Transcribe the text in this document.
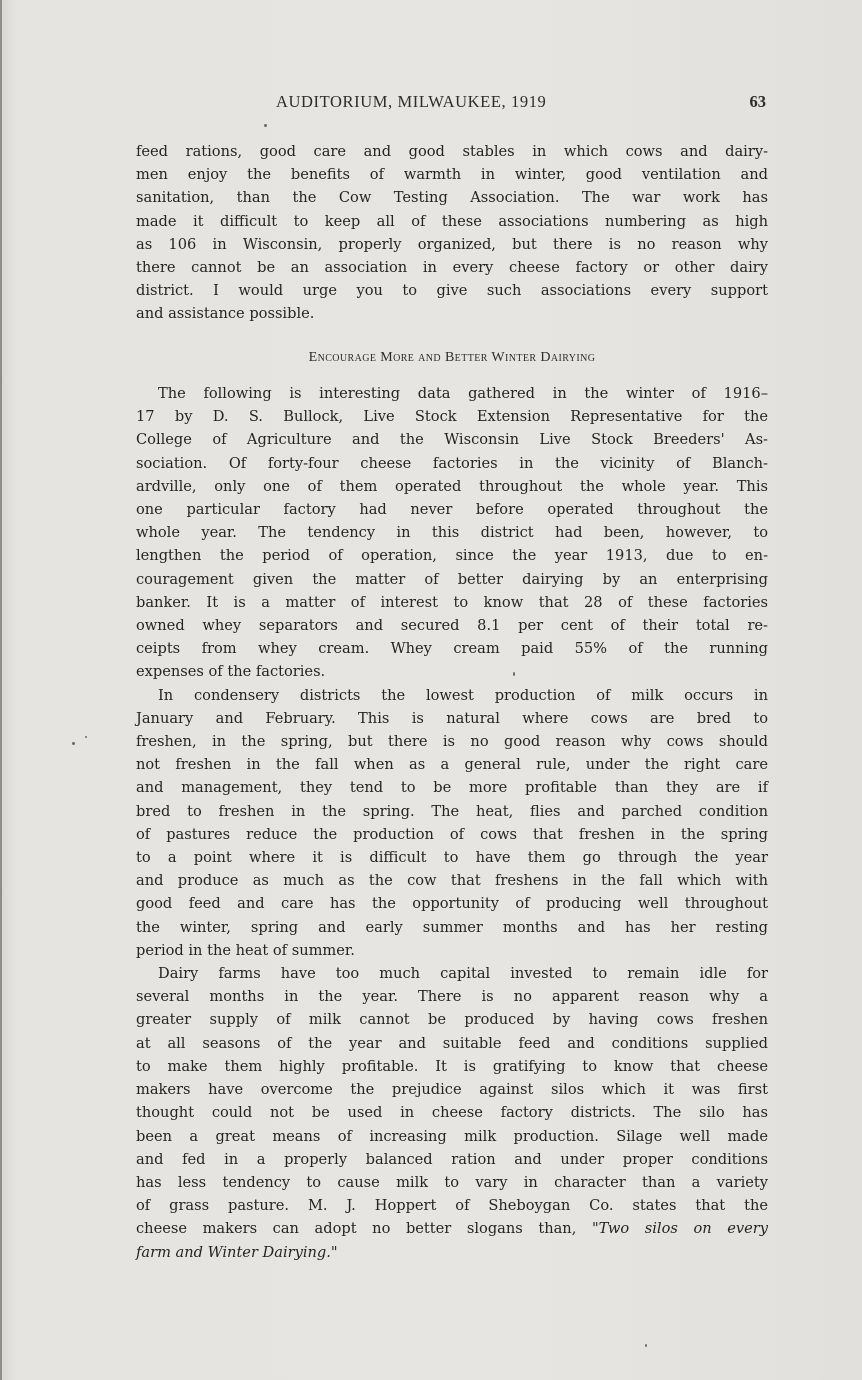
AUDITORIUM, MILWAUKEE, 1919	63
feed rations, good care and good stables in which cows and dairy-
men enjoy the benefits of warmth in winter, good ventilation and
sanitation, than the Cow Testing Association. The war work has
made it difficult to keep all of these associations numbering as high
as 106 in Wisconsin, properly organized, but there is no reason why
there cannot be an association in every cheese factory or other dairy
district. I would urge you to give such associations every support
and assistance possible.
Encourage More and Better Winter Dairying
The following is interesting data gathered in the winter of 1916–
17 by D. S. Bullock, Live Stock Extension Representative for the
College of Agriculture and the Wisconsin Live Stock Breeders' As-
sociation. Of forty-four cheese factories in the vicinity of Blanch-
ardville, only one of them operated throughout the whole year. This
one particular factory had never before operated throughout the
whole year. The tendency in this district had been, however, to
lengthen the period of operation, since the year 1913, due to en-
couragement given the matter of better dairying by an enterprising
banker. It is a matter of interest to know that 28 of these factories
owned whey separators and secured 8.1 per cent of their total re-
ceipts from whey cream. Whey cream paid 55% of the running
expenses of the factories.
In condensery districts the lowest production of milk occurs in
January and February. This is natural where cows are bred to
freshen, in the spring, but there is no good reason why cows should
not freshen in the fall when as a general rule, under the right care
and management, they tend to be more profitable than they are if
bred to freshen in the spring. The heat, flies and parched condition
of pastures reduce the production of cows that freshen in the spring
to a point where it is difficult to have them go through the year
and produce as much as the cow that freshens in the fall which with
good feed and care has the opportunity of producing well throughout
the winter, spring and early summer months and has her resting
period in the heat of summer.
Dairy farms have too much capital invested to remain idle for
several months in the year. There is no apparent reason why a
greater supply of milk cannot be produced by having cows freshen
at all seasons of the year and suitable feed and conditions supplied
to make them highly profitable. It is gratifying to know that cheese
makers have overcome the prejudice against silos which it was first
thought could not be used in cheese factory districts. The silo has
been a great means of increasing milk production. Silage well made
and fed in a properly balanced ration and under proper conditions
has less tendency to cause milk to vary in character than a variety
of grass pasture. M. J. Hoppert of Sheboygan Co. states that the
cheese makers can adopt no better slogans than, "Two silos on every
farm and Winter Dairying."
